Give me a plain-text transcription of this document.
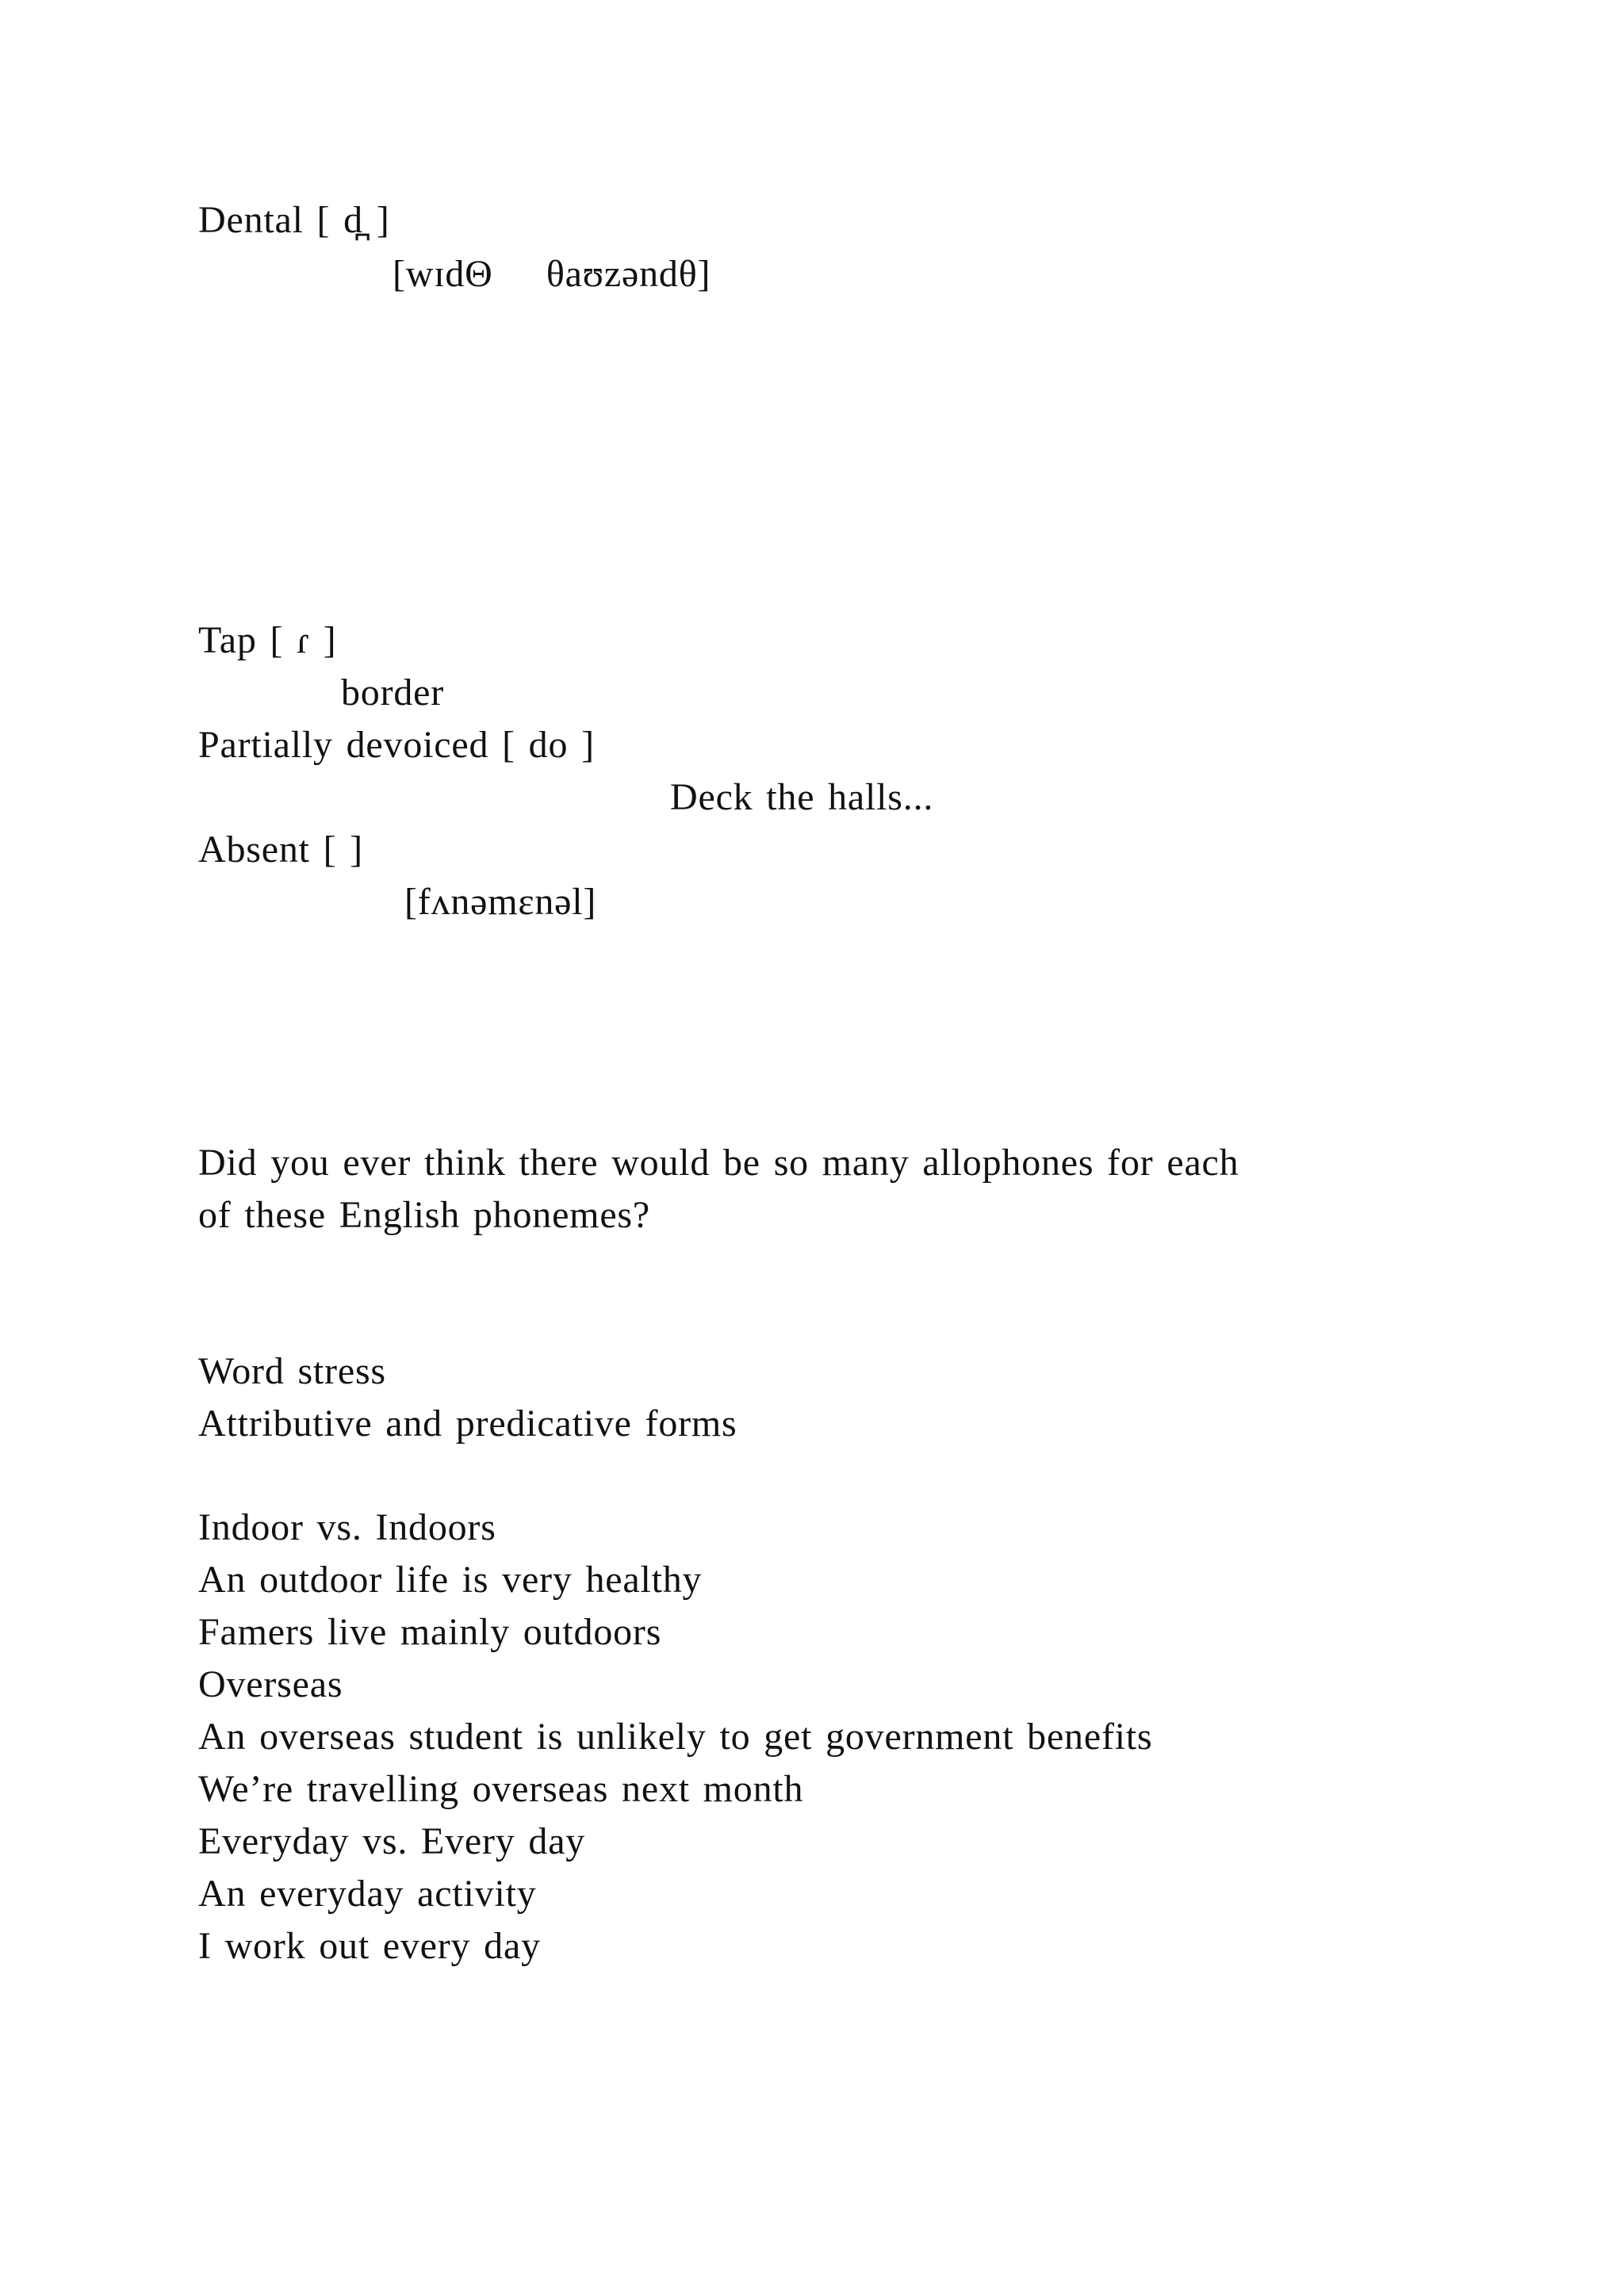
Dental [ d̪ ]
[wɪdΘ    θaʊzəndθ]
Tap [ ɾ ]
border
Partially devoiced [ do ]
Deck the halls...
Absent [ ]
[fʌnəmɛnəl]
Did you ever think there would be so many allophones for each
of these English phonemes?
Word stress
Attributive and predicative forms
Indoor vs. Indoors
An outdoor life is very healthy
Famers live mainly outdoors
Overseas
An overseas student is unlikely to get government benefits
We’re travelling overseas next month
Everyday vs. Every day
An everyday activity
I work out every day
